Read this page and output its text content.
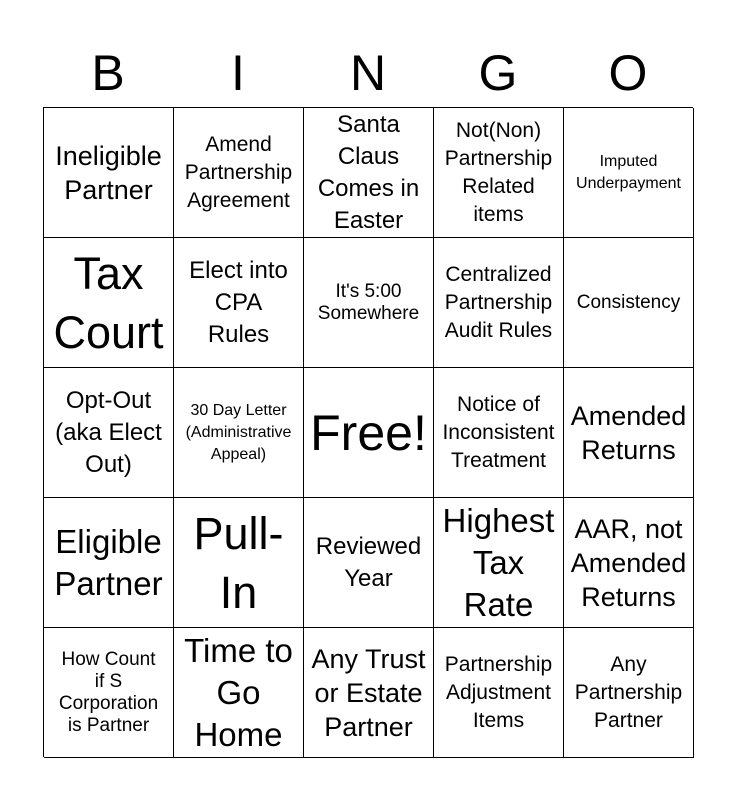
B	I	N	G	O
Ineligible
Partner
Amend
Partnership
Agreement
Santa
Claus
Comes in
Easter
Not(Non)
Partnership
Related
items
Imputed
Underpayment
Tax
Court
Elect into
CPA
Rules
It's 5:00
Somewhere
Centralized
Partnership
Audit Rules
Consistency
Opt-Out
(aka Elect
Out)
30 Day Letter
(Administrative
Appeal) Free!
Notice of
Inconsistent
Treatment
Amended
Returns
Eligible
Partner
Pull-
In
Reviewed
Year
Highest
Tax
Rate
AAR, not
Amended
Returns
How Count
if S
Corporation
is Partner
Time to
Go
Home
Any Trust
or Estate
Partner
Partnership
Adjustment
Items
Any
Partnership
Partner
